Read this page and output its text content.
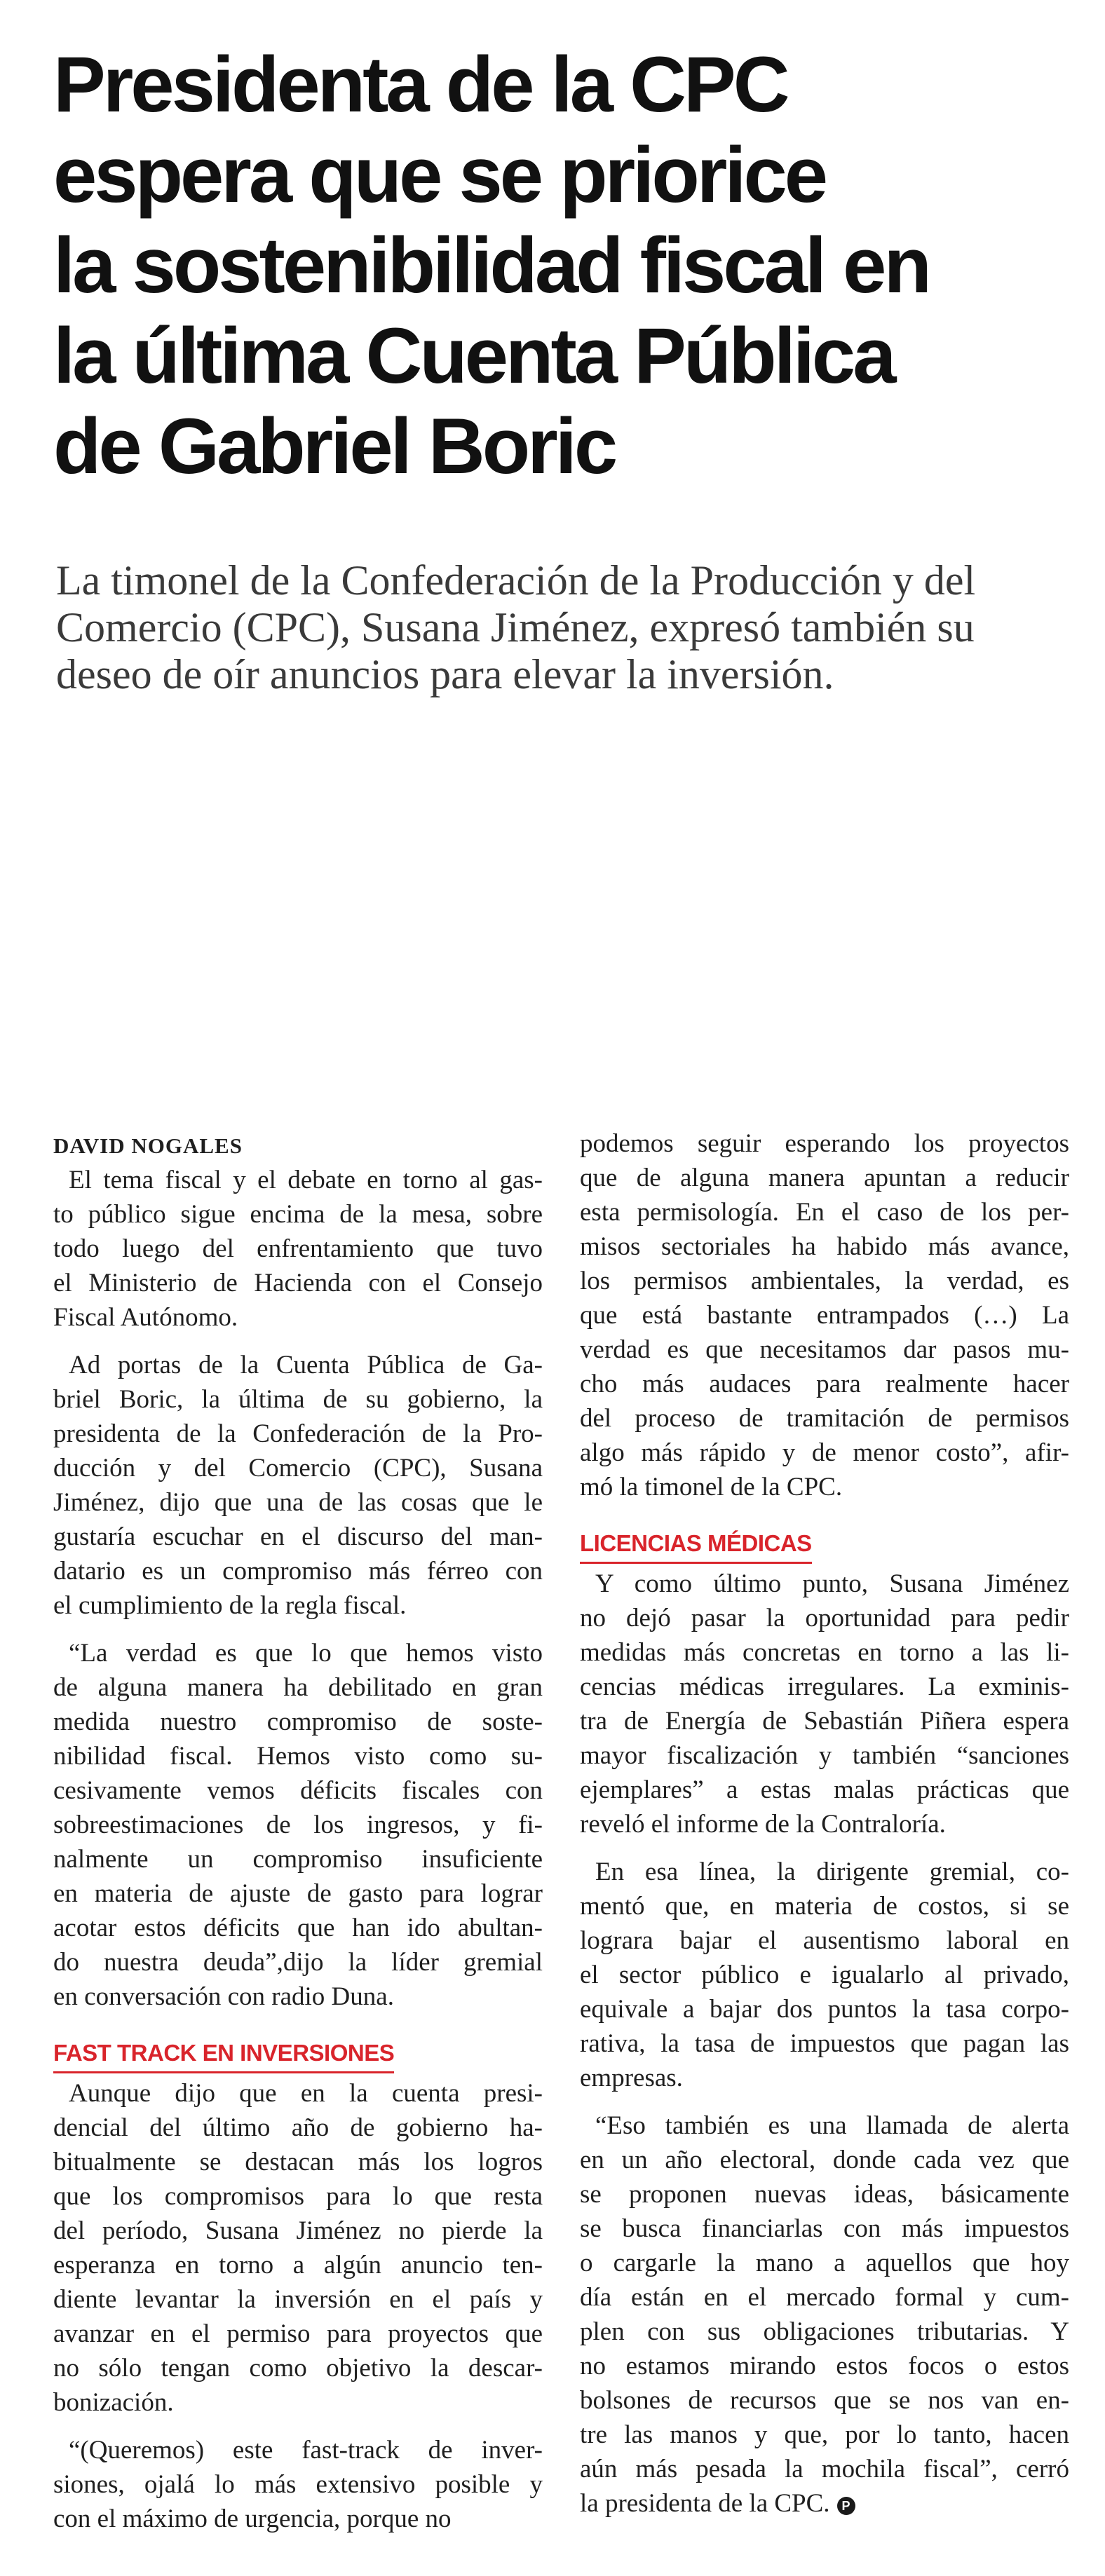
Presidenta de la CPC
espera que se priorice
la sostenibilidad fiscal en
la última Cuenta Pública
de Gabriel Boric

La timonel de la Confederación de la Producción y del
Comercio (CPC), Susana Jiménez, expresó también su
deseo de oír anuncios para elevar la inversión.

DAVID NOGALES

El tema fiscal y el debate en torno al gas-
to público sigue encima de la mesa, sobre
todo luego del enfrentamiento que tuvo
el Ministerio de Hacienda con el Consejo
Fiscal Autónomo.

Ad portas de la Cuenta Pública de Ga-
briel Boric, la última de su gobierno, la
presidenta de la Confederación de la Pro-
ducción y del Comercio (CPC), Susana
Jiménez, dijo que una de las cosas que le
gustaría escuchar en el discurso del man-
datario es un compromiso más férreo con
el cumplimiento de la regla fiscal.

“La verdad es que lo que hemos visto
de alguna manera ha debilitado en gran
medida nuestro compromiso de soste-
nibilidad fiscal. Hemos visto como su-
cesivamente vemos déficits fiscales con
sobreestimaciones de los ingresos, y fi-
nalmente un compromiso insuficiente
en materia de ajuste de gasto para lograr
acotar estos déficits que han ido abultan-
do nuestra deuda”,dijo la líder gremial
en conversación con radio Duna.

FAST TRACK EN INVERSIONES

Aunque dijo que en la cuenta presi-
dencial del último año de gobierno ha-
bitualmente se destacan más los logros
que los compromisos para lo que resta
del período, Susana Jiménez no pierde la
esperanza en torno a algún anuncio ten-
diente levantar la inversión en el país y
avanzar en el permiso para proyectos que
no sólo tengan como objetivo la descar-
bonización.

“(Queremos) este fast-track de inver-
siones, ojalá lo más extensivo posible y
con el máximo de urgencia, porque no

podemos seguir esperando los proyectos
que de alguna manera apuntan a reducir
esta permisología. En el caso de los per-
misos sectoriales ha habido más avance,
los permisos ambientales, la verdad, es
que está bastante entrampados (…) La
verdad es que necesitamos dar pasos mu-
cho más audaces para realmente hacer
del proceso de tramitación de permisos
algo más rápido y de menor costo”, afir-
mó la timonel de la CPC.

LICENCIAS MÉDICAS

Y como último punto, Susana Jiménez
no dejó pasar la oportunidad para pedir
medidas más concretas en torno a las li-
cencias médicas irregulares. La exminis-
tra de Energía de Sebastián Piñera espera
mayor fiscalización y también “sanciones
ejemplares” a estas malas prácticas que
reveló el informe de la Contraloría.

En esa línea, la dirigente gremial, co-
mentó que, en materia de costos, si se
lograra bajar el ausentismo laboral en
el sector público e igualarlo al privado,
equivale a bajar dos puntos la tasa corpo-
rativa, la tasa de impuestos que pagan las
empresas.

“Eso también es una llamada de alerta
en un año electoral, donde cada vez que
se proponen nuevas ideas, básicamente
se busca financiarlas con más impuestos
o cargarle la mano a aquellos que hoy
día están en el mercado formal y cum-
plen con sus obligaciones tributarias. Y
no estamos mirando estos focos o estos
bolsones de recursos que se nos van en-
tre las manos y que, por lo tanto, hacen
aún más pesada la mochila fiscal”, cerró
la presidenta de la CPC. P
